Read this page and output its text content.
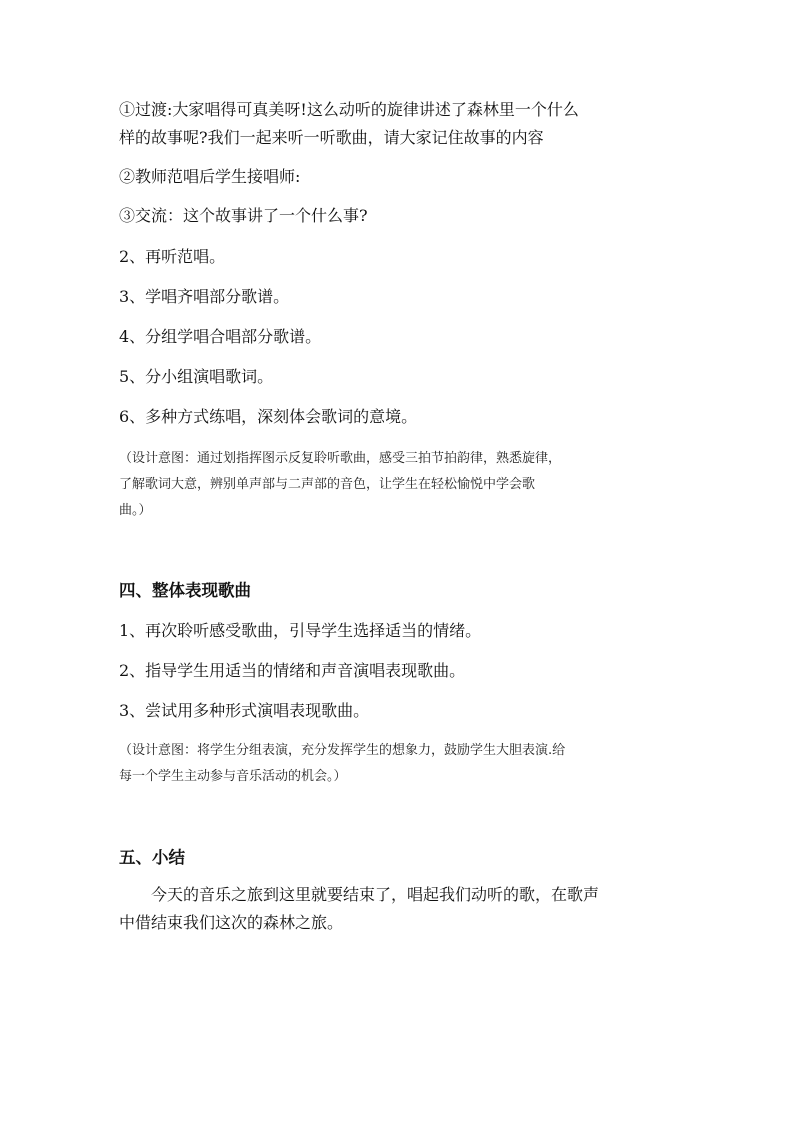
①过渡:大家唱得可真美呀!这么动听的旋律讲述了森林里一个什么
样的故事呢?我们一起来听一听歌曲，请大家记住故事的内容
②教师范唱后学生接唱师:
③交流：这个故事讲了一个什么事?
2、再听范唱。
3、学唱齐唱部分歌谱。
4、分组学唱合唱部分歌谱。
5、分小组演唱歌词。
6、多种方式练唱，深刻体会歌词的意境。
（设计意图：通过划指挥图示反复聆听歌曲，感受三拍节拍韵律，熟悉旋律，
了解歌词大意，辨别单声部与二声部的音色，让学生在轻松愉悦中学会歌
曲。）
四、整体表现歌曲
1、再次聆听感受歌曲，引导学生选择适当的情绪。
2、指导学生用适当的情绪和声音演唱表现歌曲。
3、尝试用多种形式演唱表现歌曲。
（设计意图：将学生分组表演，充分发挥学生的想象力，鼓励学生大胆表演.给
每一个学生主动参与音乐活动的机会。）
五、小结
今天的音乐之旅到这里就要结束了，唱起我们动听的歌，在歌声
中借结束我们这次的森林之旅。
